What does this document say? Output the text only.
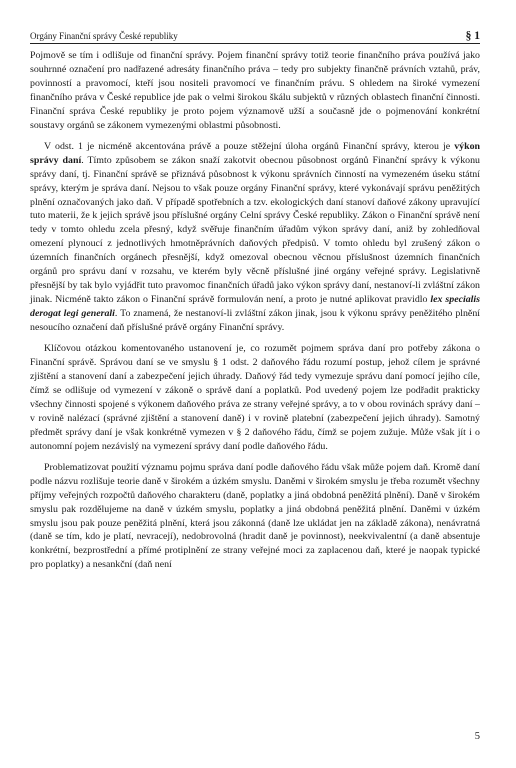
Orgány Finanční správy České republiky	§ 1

Pojmově se tím i odlišuje od finanční správy. Pojem finanční správy totiž teorie finančního práva používá jako souhrnné označení pro nadřazené adresáty finančního práva – tedy pro subjekty finančně právních vztahů, práv, povinností a pravomocí, kteří jsou nositeli pravomocí ve finančním právu. S ohledem na široké vymezení finančního práva v České republice jde pak o velmi širokou škálu subjektů v různých oblastech finanční činnosti. Finanční správa České republiky je proto pojem významově užší a současně jde o pojmenování konkrétní soustavy orgánů se zákonem vymezenými oblastmi působnosti.

V odst. 1 je nicméně akcentována právě a pouze stěžejní úloha orgánů Finanční správy, kterou je výkon správy daní. Tímto způsobem se zákon snaží zakotvit obecnou působnost orgánů Finanční správy k výkonu správy daní, tj. Finanční správě se přiznává působnost k výkonu správních činností na vymezeném úseku státní správy, kterým je správa daní. Nejsou to však pouze orgány Finanční správy, které vykonávají správu peněžitých plnění označovaných jako daň. V případě spotřebních a tzv. ekologických daní stanoví daňové zákony upravující tuto materii, že k jejich správě jsou příslušné orgány Celní správy České republiky. Zákon o Finanční správě není tedy v tomto ohledu zcela přesný, když svěřuje finančním úřadům výkon správy daní, aniž by zohledňoval omezení plynoucí z jednotlivých hmotněprávních daňových předpisů. V tomto ohledu byl zrušený zákon o územních finančních orgánech přesnější, když omezoval obecnou věcnou příslušnost územních finančních orgánů pro správu daní v rozsahu, ve kterém byly věcně příslušné jiné orgány veřejné správy. Legislativně přesnější by tak bylo vyjádřit tuto pravomoc finančních úřadů jako výkon správy daní, nestanoví-li zvláštní zákon jinak. Nicméně takto zákon o Finanční správě formulován není, a proto je nutné aplikovat pravidlo lex specialis derogat legi generali. To znamená, že nestanoví-li zvláštní zákon jinak, jsou k výkonu správy peněžitého plnění nesoucího označení daň příslušné právě orgány Finanční správy.

Klíčovou otázkou komentovaného ustanovení je, co rozumět pojmem správa daní pro potřeby zákona o Finanční správě. Správou daní se ve smyslu § 1 odst. 2 daňového řádu rozumí postup, jehož cílem je správné zjištění a stanovení daní a zabezpečení jejich úhrady. Daňový řád tedy vymezuje správu daní pomocí jejího cíle, čímž se odlišuje od vymezení v zákoně o správě daní a poplatků. Pod uvedený pojem lze podřadit prakticky všechny činnosti spojené s výkonem daňového práva ze strany veřejné správy, a to v obou rovinách správy daní – v rovině nalézací (správné zjištění a stanovení daně) i v rovině platební (zabezpečení jejich úhrady). Samotný předmět správy daní je však konkrétně vymezen v § 2 daňového řádu, čímž se pojem zužuje. Může však jít i o autonomní pojem nezávislý na vymezení správy daní podle daňového řádu.

Problematizovat použití významu pojmu správa daní podle daňového řádu však může pojem daň. Kromě daní podle názvu rozlišuje teorie daně v širokém a úzkém smyslu. Daněmi v širokém smyslu je třeba rozumět všechny příjmy veřejných rozpočtů daňového charakteru (daně, poplatky a jiná obdobná peněžitá plnění). Daně v širokém smyslu pak rozdělujeme na daně v úzkém smyslu, poplatky a jiná obdobná peněžitá plnění. Daněmi v úzkém smyslu jsou pak pouze peněžitá plnění, která jsou zákonná (daně lze ukládat jen na základě zákona), nenávratná (daně se tím, kdo je platí, nevracejí), nedobrovolná (hradit daně je povinnost), neekvivalentní (a daně absentuje konkrétní, bezprostřední a přímé protiplnění ze strany veřejné moci za zaplacenou daň, které je naopak typické pro poplatky) a nesankční (daň není

5
